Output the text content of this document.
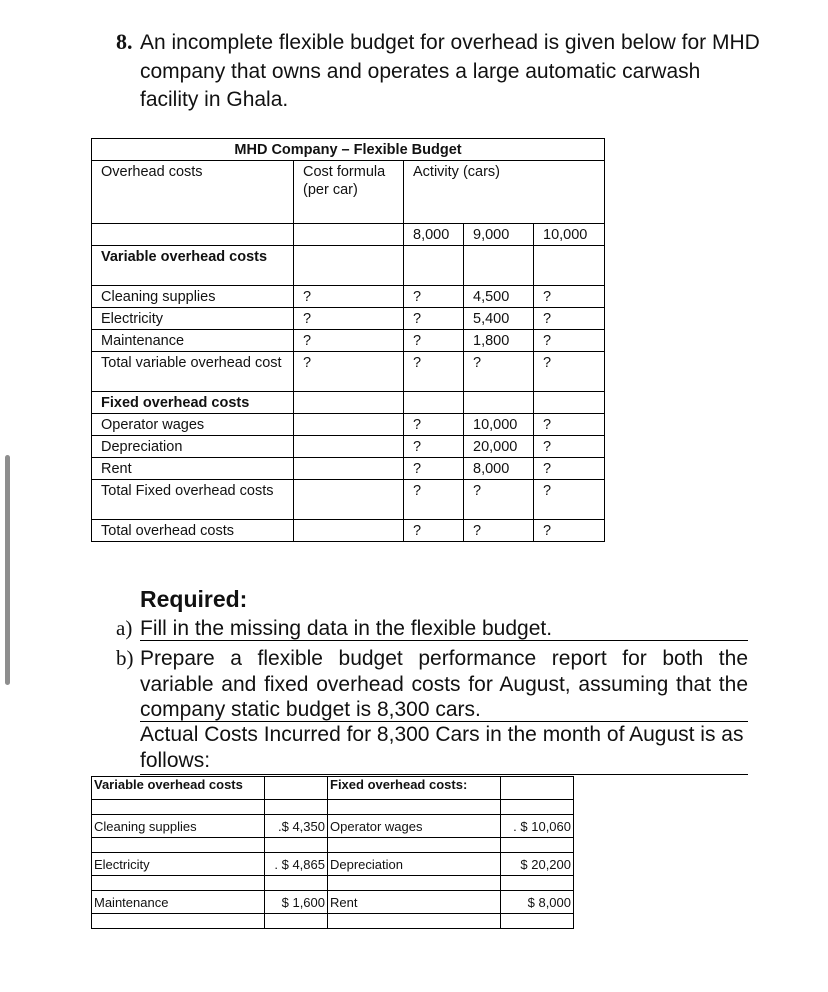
8. An incomplete flexible budget for overhead is given below for MHD company that owns and operates a large automatic carwash facility in Ghala.
MHD Company – Flexible Budget				
Overhead costs	Cost formula (per car)	Activity (cars)		
		8,000	9,000	10,000
Variable overhead costs				
Cleaning supplies	?	?	4,500	?
Electricity	?	?	5,400	?
Maintenance	?	?	1,800	?
Total variable overhead cost	?	?	?	?
Fixed overhead costs				
Operator wages		?	10,000	?
Depreciation		?	20,000	?
Rent		?	8,000	?
Total Fixed overhead costs		?	?	?
Total overhead costs		?	?	?
Required:
a) Fill in the missing data in the flexible budget.
b) Prepare a flexible budget performance report for both the variable and fixed overhead costs for August, assuming that the company static budget is 8,300 cars.
Actual Costs Incurred for 8,300 Cars in the month of August is as follows:
Variable overhead costs		Fixed overhead costs:	

Cleaning supplies	.$ 4,350	Operator wages	. $ 10,060

Electricity	. $ 4,865	Depreciation	$ 20,200

Maintenance	$ 1,600	Rent	$ 8,000
